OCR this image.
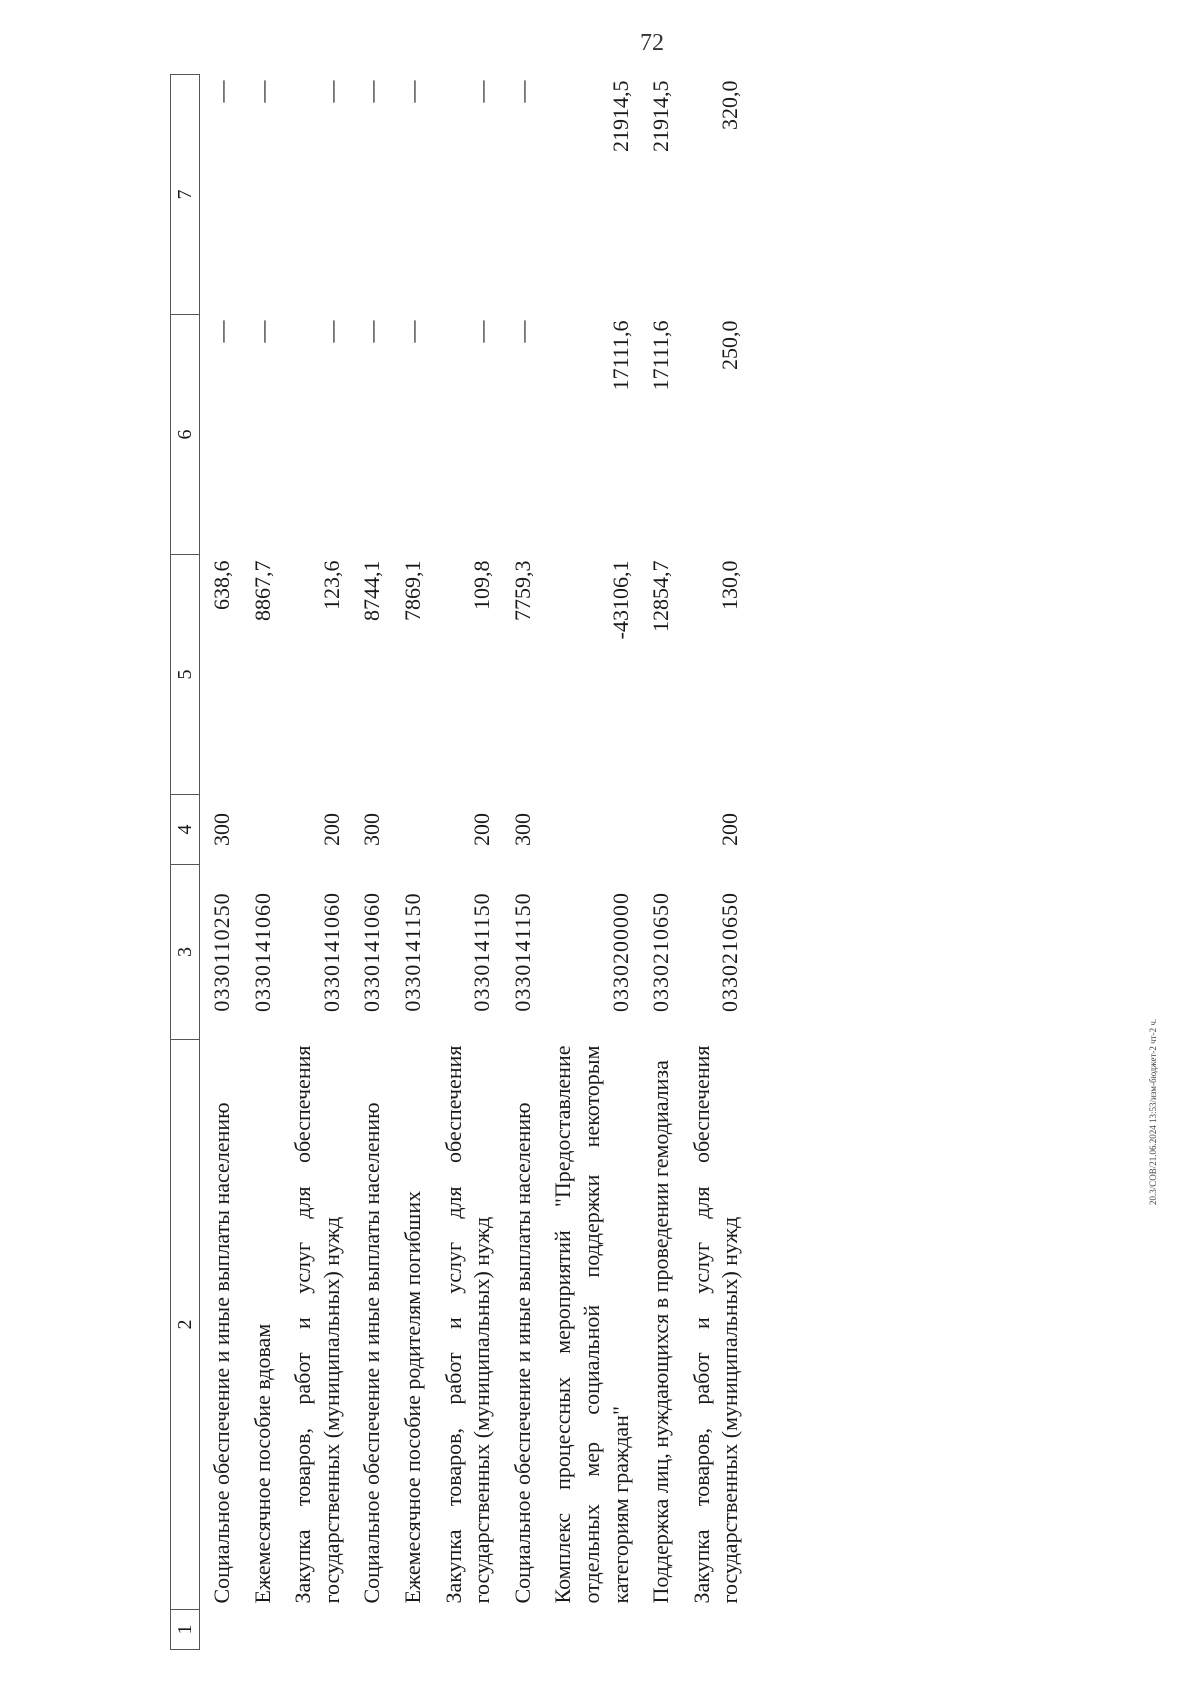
72
1	2	3	4	5	6	7
	Социальное обеспечение и иные выплаты населению	0330110250	300	638,6	—	—
	Ежемесячное пособие вдовам	0330141060		8867,7	—	—
	Закупка товаров, работ и услуг для обеспечения государственных (муниципальных) нужд	0330141060	200	123,6	—	—
	Социальное обеспечение и иные выплаты населению	0330141060	300	8744,1	—	—
	Ежемесячное пособие родителям погибших	0330141150		7869,1	—	—
	Закупка товаров, работ и услуг для обеспечения государственных (муниципальных) нужд	0330141150	200	109,8	—	—
	Социальное обеспечение и иные выплаты населению	0330141150	300	7759,3	—	—
	Комплекс процессных мероприятий "Предоставление отдельных мер социальной поддержки некоторым категориям граждан"	0330200000		-43106,1	17111,6	21914,5
	Поддержка лиц, нуждающихся в проведении гемодиализа	0330210650		12854,7	17111,6	21914,5
	Закупка товаров, работ и услуг для обеспечения государственных (муниципальных) нужд	0330210650	200	130,0	250,0	320,0
20.3/СОВ/21.06.2024 13:53/изм-бюджет-2 чт-2 ч.
